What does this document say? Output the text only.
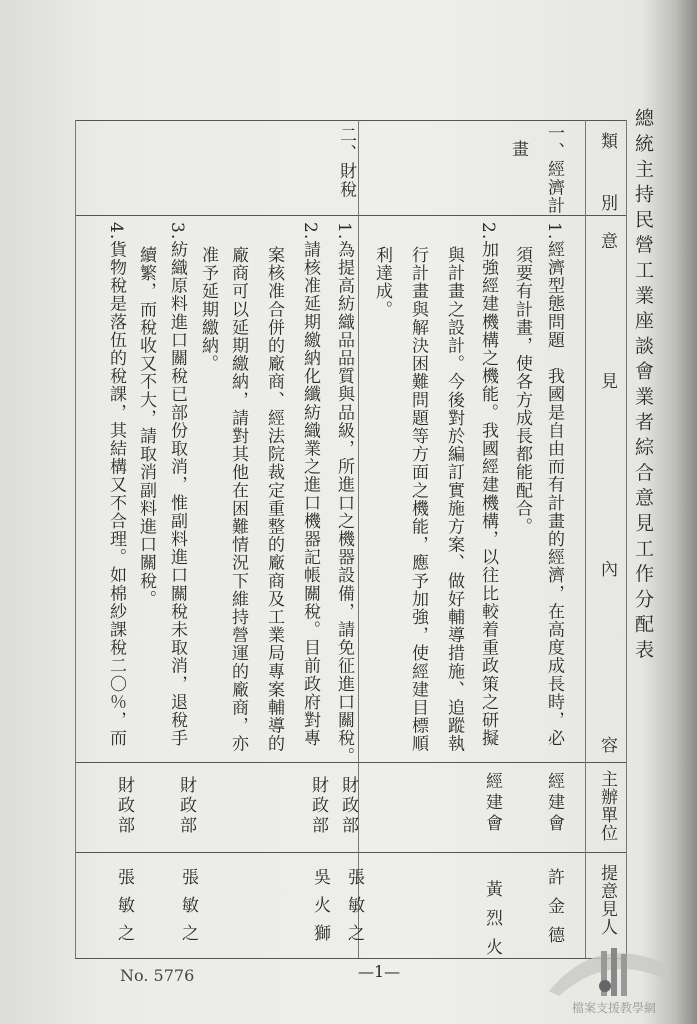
總統主持民營工業座談會業者綜合意見工作分配表
類　別
意
見
內
容
主辦單位
提意見人
一、經濟計
畫
1.經濟型態問題　我國是自由而有計畫的經濟，在高度成長時，必
須要有計畫，使各方成長都能配合。
2.加強經建機構之機能。我國經建機構，以往比較着重政策之研擬
與計畫之設計。今後對於編訂實施方案、做好輔導措施、追蹤執
行計畫與解決困難問題等方面之機能，應予加強，使經建目標順
利達成。
經建會
經建會
許金德
黃烈火
二、財稅
1.為提高紡織品品質與品級，所進口之機器設備，請免征進口關稅。
2.請核准延期繳納化纖紡織業之進口機器記帳關稅。目前政府對專
案核准合併的廠商、經法院裁定重整的廠商及工業局專案輔導的
廠商可以延期繳納，請對其他在困難情況下維持營運的廠商，亦
准予延期繳納。
3.紡織原料進口關稅已部份取消，惟副料進口關稅未取消，退稅手
續繁，而稅收又不大，請取消副料進口關稅。
4.貨物稅是落伍的稅課，其結構又不合理。如棉紗課稅二〇％，而
財政部
財政部
財政部
財政部
張敏之
吳火獅
張敏之
張敏之
No. 5776	—1—
檔案支援教學網
